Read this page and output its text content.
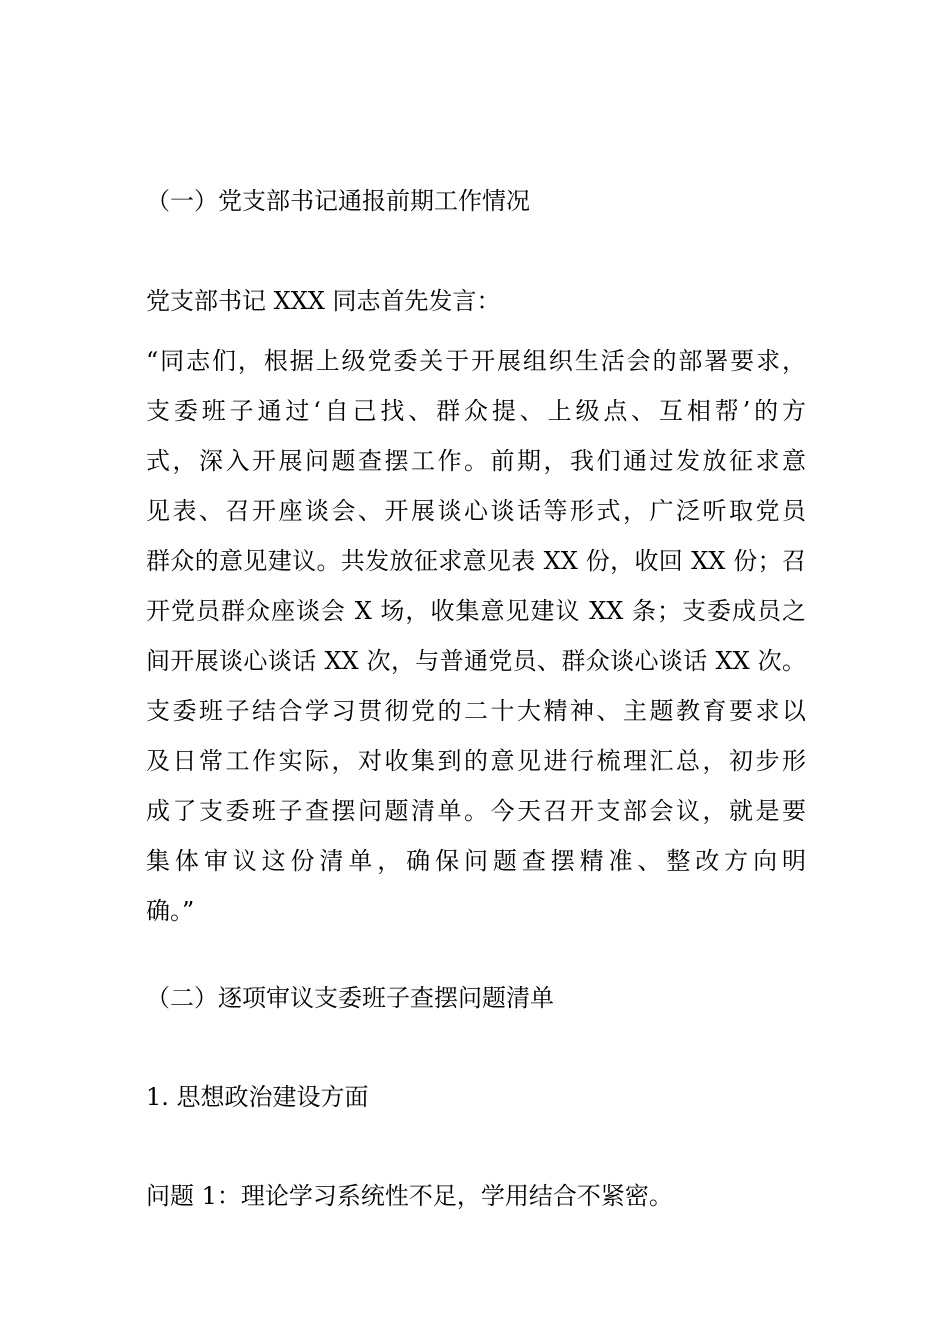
（一）党支部书记通报前期工作情况
党支部书记 XXX 同志首先发言：
“同志们，根据上级党委关于开展组织生活会的部署要求，
支委班子通过‘自己找、群众提、上级点、互相帮’的方
式，深入开展问题查摆工作。前期，我们通过发放征求意
见表、召开座谈会、开展谈心谈话等形式，广泛听取党员
群众的意见建议。共发放征求意见表 XX 份，收回 XX 份；召
开党员群众座谈会 X 场，收集意见建议 XX 条；支委成员之
间开展谈心谈话 XX 次，与普通党员、群众谈心谈话 XX 次。
支委班子结合学习贯彻党的二十大精神、主题教育要求以
及日常工作实际，对收集到的意见进行梳理汇总，初步形
成了支委班子查摆问题清单。今天召开支部会议，就是要
集体审议这份清单，确保问题查摆精准、整改方向明
确。”
（二）逐项审议支委班子查摆问题清单
1. 思想政治建设方面
问题 1：理论学习系统性不足，学用结合不紧密。
